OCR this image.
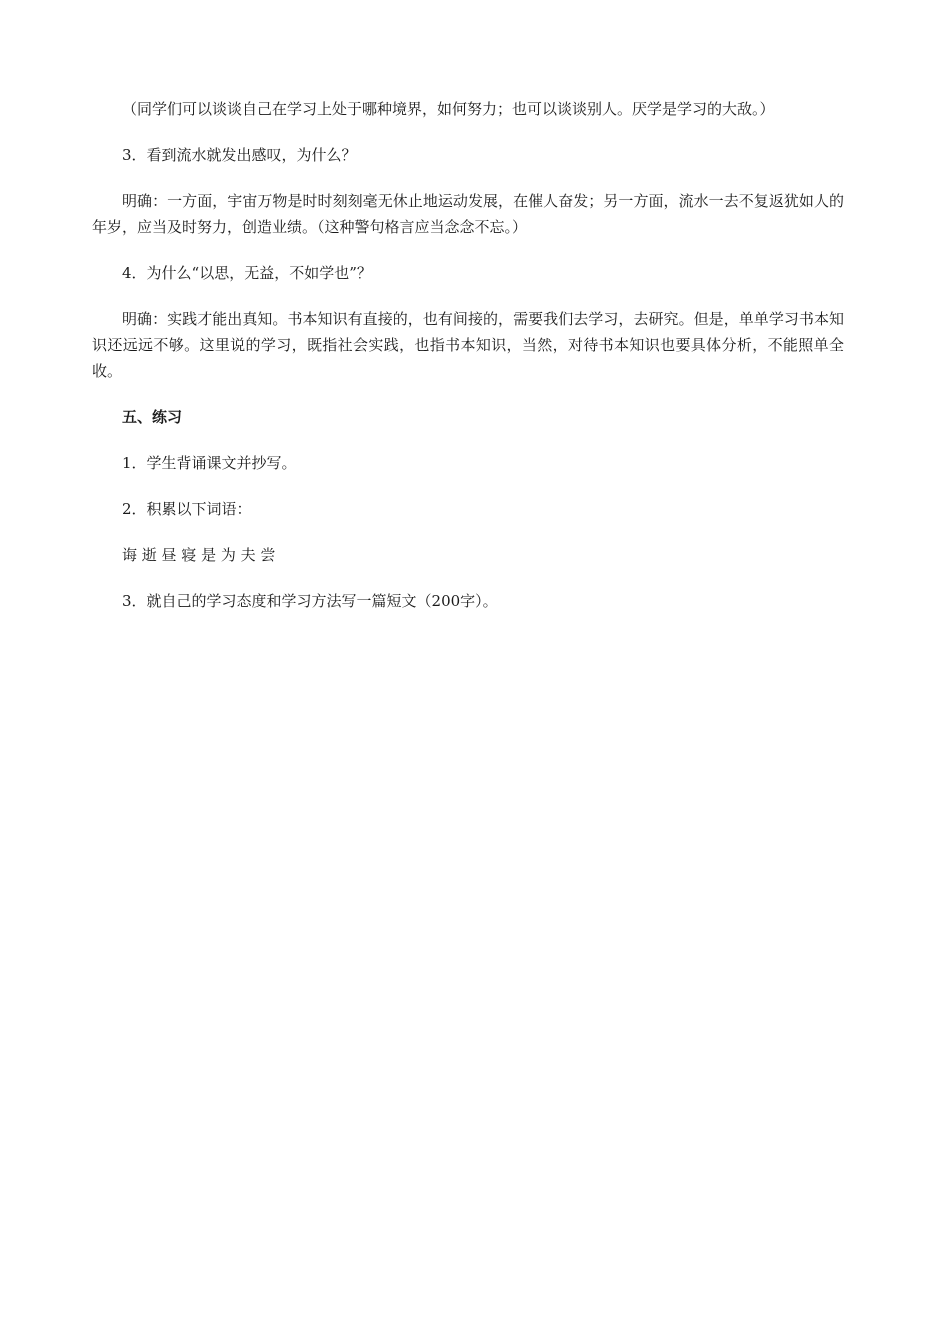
（同学们可以谈谈自己在学习上处于哪种境界，如何努力；也可以谈谈别人。厌学是学习的大敌。）

3．看到流水就发出感叹，为什么？

明确：一方面，宇宙万物是时时刻刻毫无休止地运动发展，在催人奋发；另一方面，流水一去不复返犹如人的年岁，应当及时努力，创造业绩。（这种警句格言应当念念不忘。）

4．为什么“以思，无益，不如学也”？

明确：实践才能出真知。书本知识有直接的，也有间接的，需要我们去学习，去研究。但是，单单学习书本知识还远远不够。这里说的学习，既指社会实践，也指书本知识，当然，对待书本知识也要具体分析，不能照单全收。

五、练习

1．学生背诵课文并抄写。

2．积累以下词语：

诲 逝 昼 寝 是 为 夫 尝

3．就自己的学习态度和学习方法写一篇短文（200字）。
